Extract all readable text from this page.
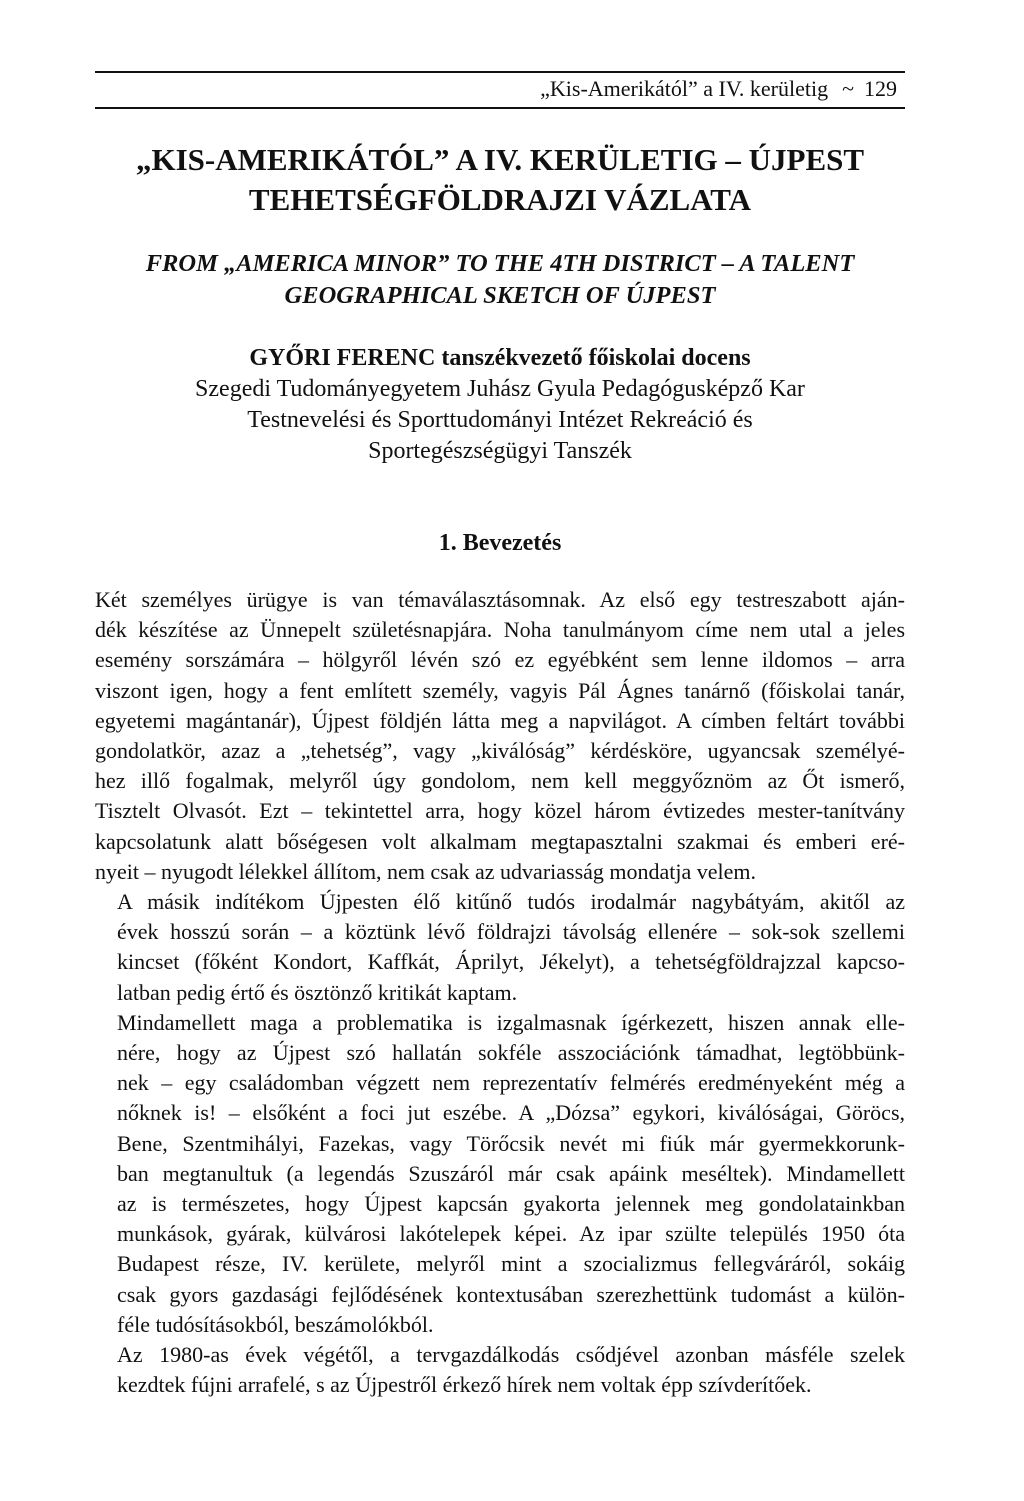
„Kis-Amerikától” a IV. kerületig ~ 129
„KIS-AMERIKÁTÓL” A IV. KERÜLETIG – ÚJPEST
TEHETSÉGFÖLDRAJZI VÁZLATA
FROM „AMERICA MINOR” TO THE 4TH DISTRICT – A TALENT
GEOGRAPHICAL SKETCH OF ÚJPEST
GYŐRI FERENC tanszékvezető főiskolai docens
Szegedi Tudományegyetem Juhász Gyula Pedagógusképző Kar
Testnevelési és Sporttudományi Intézet Rekreáció és
Sportegészségügyi Tanszék
1. Bevezetés

Két személyes ürügye is van témaválasztásomnak. Az első egy testreszabott aján-
dék készítése az Ünnepelt születésnapjára. Noha tanulmányom címe nem utal a jeles
esemény sorszámára – hölgyről lévén szó ez egyébként sem lenne ildomos – arra
viszont igen, hogy a fent említett személy, vagyis Pál Ágnes tanárnő (főiskolai tanár,
egyetemi magántanár), Újpest földjén látta meg a napvilágot. A címben feltárt további
gondolatkör, azaz a „tehetség”, vagy „kiválóság” kérdésköre, ugyancsak személyé-
hez illő fogalmak, melyről úgy gondolom, nem kell meggyőznöm az Őt ismerő,
Tisztelt Olvasót. Ezt – tekintettel arra, hogy közel három évtizedes mester-tanítvány
kapcsolatunk alatt bőségesen volt alkalmam megtapasztalni szakmai és emberi eré-
nyeit – nyugodt lélekkel állítom, nem csak az udvariasság mondatja velem.

A másik indítékom Újpesten élő kitűnő tudós irodalmár nagybátyám, akitől az
évek hosszú során – a köztünk lévő földrajzi távolság ellenére – sok-sok szellemi
kincset (főként Kondort, Kaffkát, Áprilyt, Jékelyt), a tehetségföldrajzzal kapcso-
latban pedig értő és ösztönző kritikát kaptam.

Mindamellett maga a problematika is izgalmasnak ígérkezett, hiszen annak elle-
nére, hogy az Újpest szó hallatán sokféle asszociációnk támadhat, legtöbbünk-
nek – egy családomban végzett nem reprezentatív felmérés eredményeként még a
nőknek is! – elsőként a foci jut eszébe. A „Dózsa” egykori, kiválóságai, Göröcs,
Bene, Szentmihályi, Fazekas, vagy Törőcsik nevét mi fiúk már gyermekkorunk-
ban megtanultuk (a legendás Szuszáról már csak apáink meséltek). Mindamellett
az is természetes, hogy Újpest kapcsán gyakorta jelennek meg gondolatainkban
munkások, gyárak, külvárosi lakótelepek képei. Az ipar szülte település 1950 óta
Budapest része, IV. kerülete, melyről mint a szocializmus fellegváráról, sokáig
csak gyors gazdasági fejlődésének kontextusában szerezhettünk tudomást a külön-
féle tudósításokból, beszámolókból.

Az 1980-as évek végétől, a tervgazdálkodás csődjével azonban másféle szelek
kezdtek fújni arrafelé, s az Újpestről érkező hírek nem voltak épp szívderítőek.
